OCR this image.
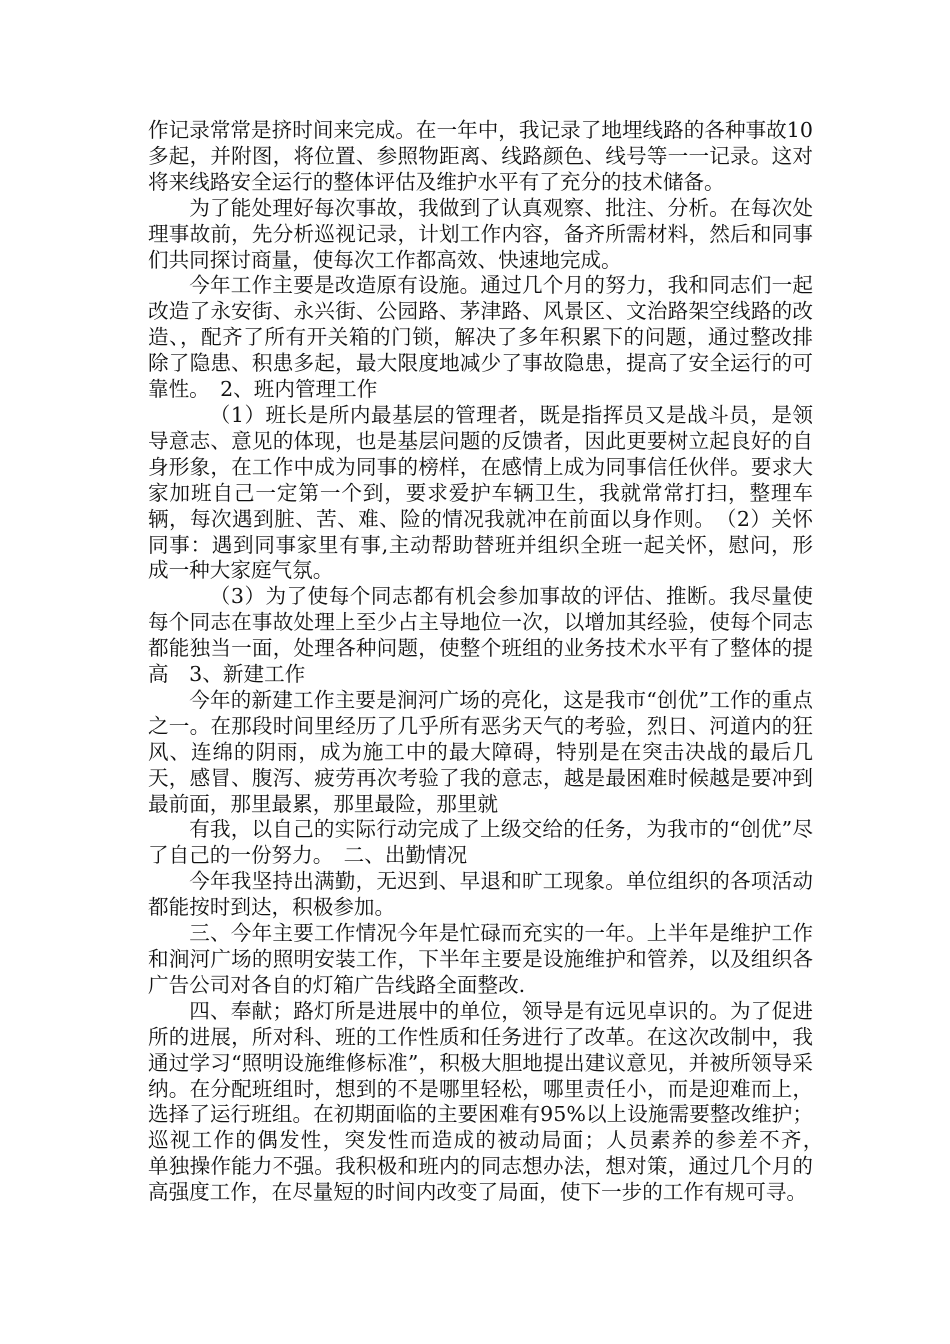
作记录常常是挤时间来完成。在一年中，我记录了地埋线路的各种事故10多起，并附图，将位置、参照物距离、线路颜色、线号等一一记录。这对将来线路安全运行的整体评估及维护水平有了充分的技术储备。

为了能处理好每次事故，我做到了认真观察、批注、分析。在每次处理事故前，先分析巡视记录，计划工作内容，备齐所需材料，然后和同事们共同探讨商量，使每次工作都高效、快速地完成。

今年工作主要是改造原有设施。通过几个月的努力，我和同志们一起改造了永安街、永兴街、公园路、茅津路、风景区、文治路架空线路的改造、，配齐了所有开关箱的门锁，解决了多年积累下的问题，通过整改排除了隐患、积患多起，最大限度地减少了事故隐患，提高了安全运行的可靠性。　2、班内管理工作

（1）班长是所内最基层的管理者，既是指挥员又是战斗员，是领导意志、意见的体现，也是基层问题的反馈者，因此更要树立起良好的自身形象，在工作中成为同事的榜样，在感情上成为同事信任伙伴。要求大家加班自己一定第一个到，要求爱护车辆卫生，我就常常打扫，整理车辆，每次遇到脏、苦、难、险的情况我就冲在前面以身作则。　（2）关怀同事：遇到同事家里有事,主动帮助替班并组织全班一起关怀，慰问，形成一种大家庭气氛。

（3）为了使每个同志都有机会参加事故的评估、推断。我尽量使每个同志在事故处理上至少占主导地位一次，以增加其经验，使每个同志都能独当一面，处理各种问题，使整个班组的业务技术水平有了整体的提高　3、新建工作

今年的新建工作主要是涧河广场的亮化，这是我市“创优”工作的重点之一。在那段时间里经历了几乎所有恶劣天气的考验，烈日、河道内的狂风、连绵的阴雨，成为施工中的最大障碍，特别是在突击决战的最后几天，感冒、腹泻、疲劳再次考验了我的意志，越是最困难时候越是要冲到最前面，那里最累，那里最险，那里就

有我，以自己的实际行动完成了上级交给的任务，为我市的“创优”尽了自己的一份努力。　二、出勤情况

今年我坚持出满勤，无迟到、早退和旷工现象。单位组织的各项活动都能按时到达，积极参加。

三、今年主要工作情况今年是忙碌而充实的一年。上半年是维护工作和涧河广场的照明安装工作，下半年主要是设施维护和管养，以及组织各广告公司对各自的灯箱广告线路全面整改.

四、奉献；路灯所是进展中的单位，领导是有远见卓识的。为了促进所的进展，所对科、班的工作性质和任务进行了改革。在这次改制中，我通过学习“照明设施维修标准”，积极大胆地提出建议意见，并被所领导采纳。在分配班组时，想到的不是哪里轻松，哪里责任小，而是迎难而上，选择了运行班组。在初期面临的主要困难有95%以上设施需要整改维护；巡视工作的偶发性，突发性而造成的被动局面；人员素养的参差不齐，　单独操作能力不强。我积极和班内的同志想办法，想对策，通过几个月的高强度工作，在尽量短的时间内改变了局面，使下一步的工作有规可寻。
